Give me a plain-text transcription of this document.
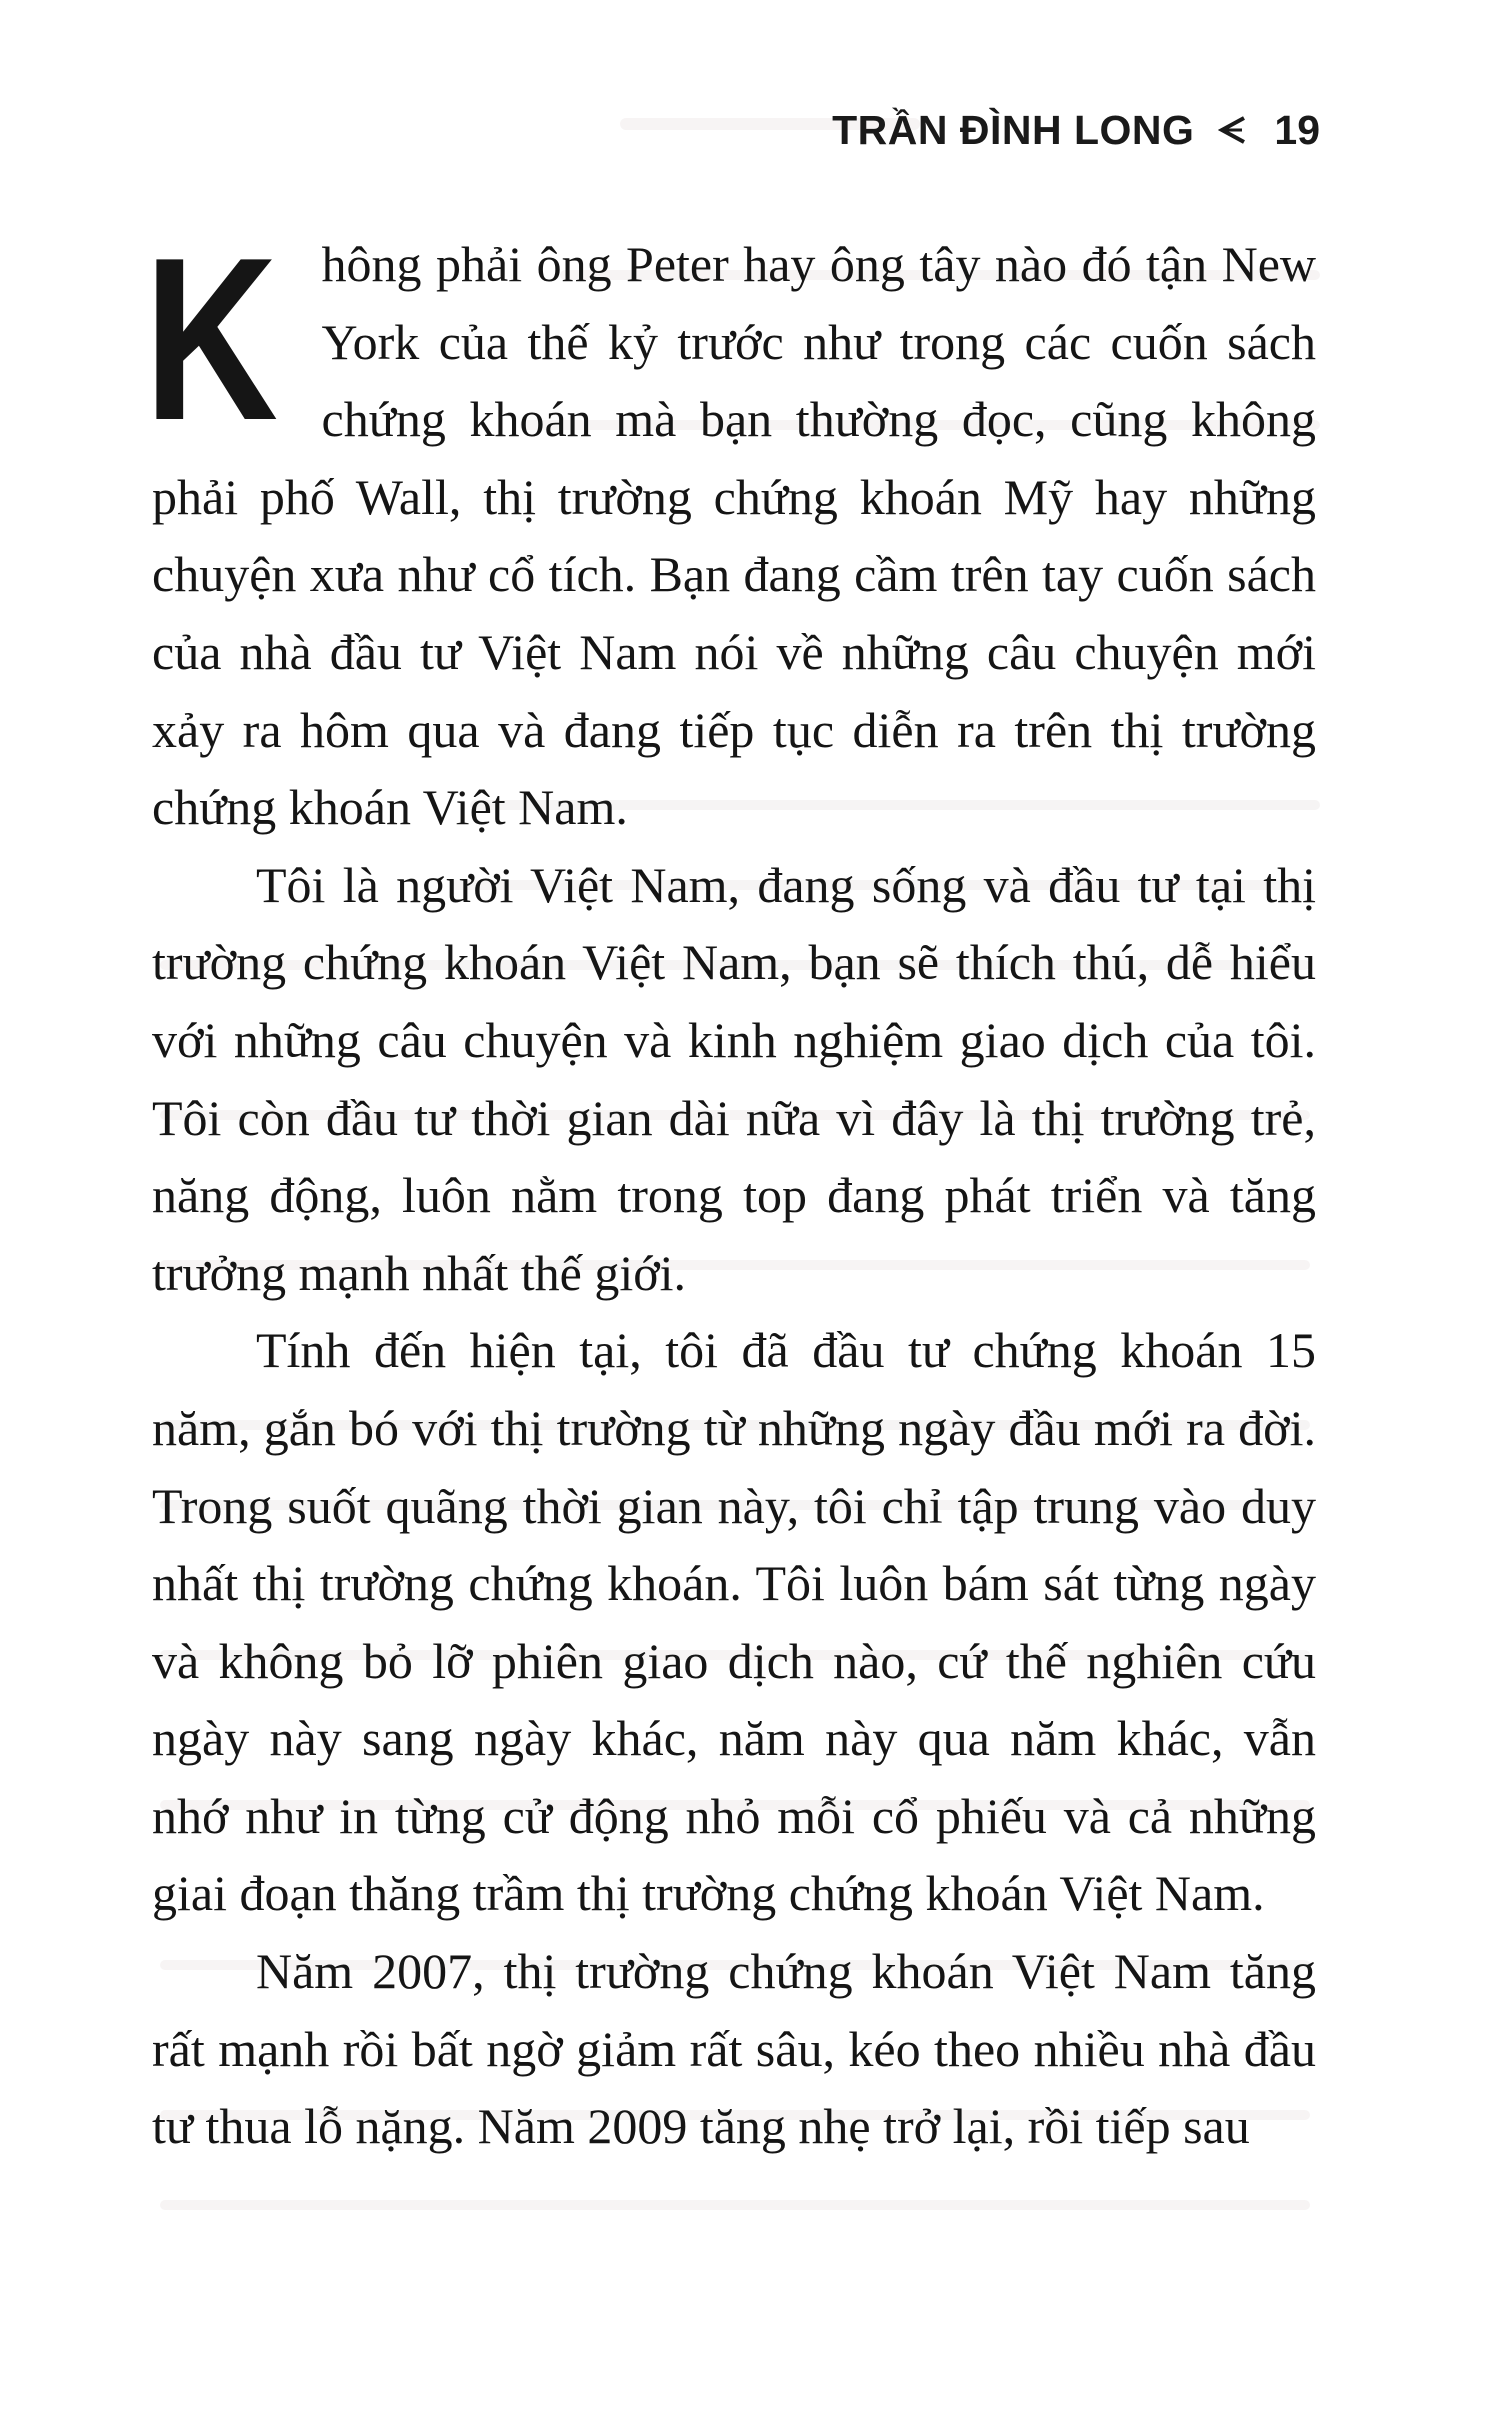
TRẦN ĐÌNH LONG 19

Không phải ông Peter hay ông tây nào đó tận New York của thế kỷ trước như trong các cuốn sách chứng khoán mà bạn thường đọc, cũng không phải phố Wall, thị trường chứng khoán Mỹ hay những chuyện xưa như cổ tích. Bạn đang cầm trên tay cuốn sách của nhà đầu tư Việt Nam nói về những câu chuyện mới xảy ra hôm qua và đang tiếp tục diễn ra trên thị trường chứng khoán Việt Nam.

Tôi là người Việt Nam, đang sống và đầu tư tại thị trường chứng khoán Việt Nam, bạn sẽ thích thú, dễ hiểu với những câu chuyện và kinh nghiệm giao dịch của tôi. Tôi còn đầu tư thời gian dài nữa vì đây là thị trường trẻ, năng động, luôn nằm trong top đang phát triển và tăng trưởng mạnh nhất thế giới.

Tính đến hiện tại, tôi đã đầu tư chứng khoán 15 năm, gắn bó với thị trường từ những ngày đầu mới ra đời. Trong suốt quãng thời gian này, tôi chỉ tập trung vào duy nhất thị trường chứng khoán. Tôi luôn bám sát từng ngày và không bỏ lỡ phiên giao dịch nào, cứ thế nghiên cứu ngày này sang ngày khác, năm này qua năm khác, vẫn nhớ như in từng cử động nhỏ mỗi cổ phiếu và cả những giai đoạn thăng trầm thị trường chứng khoán Việt Nam.

Năm 2007, thị trường chứng khoán Việt Nam tăng rất mạnh rồi bất ngờ giảm rất sâu, kéo theo nhiều nhà đầu tư thua lỗ nặng. Năm 2009 tăng nhẹ trở lại, rồi tiếp sau
